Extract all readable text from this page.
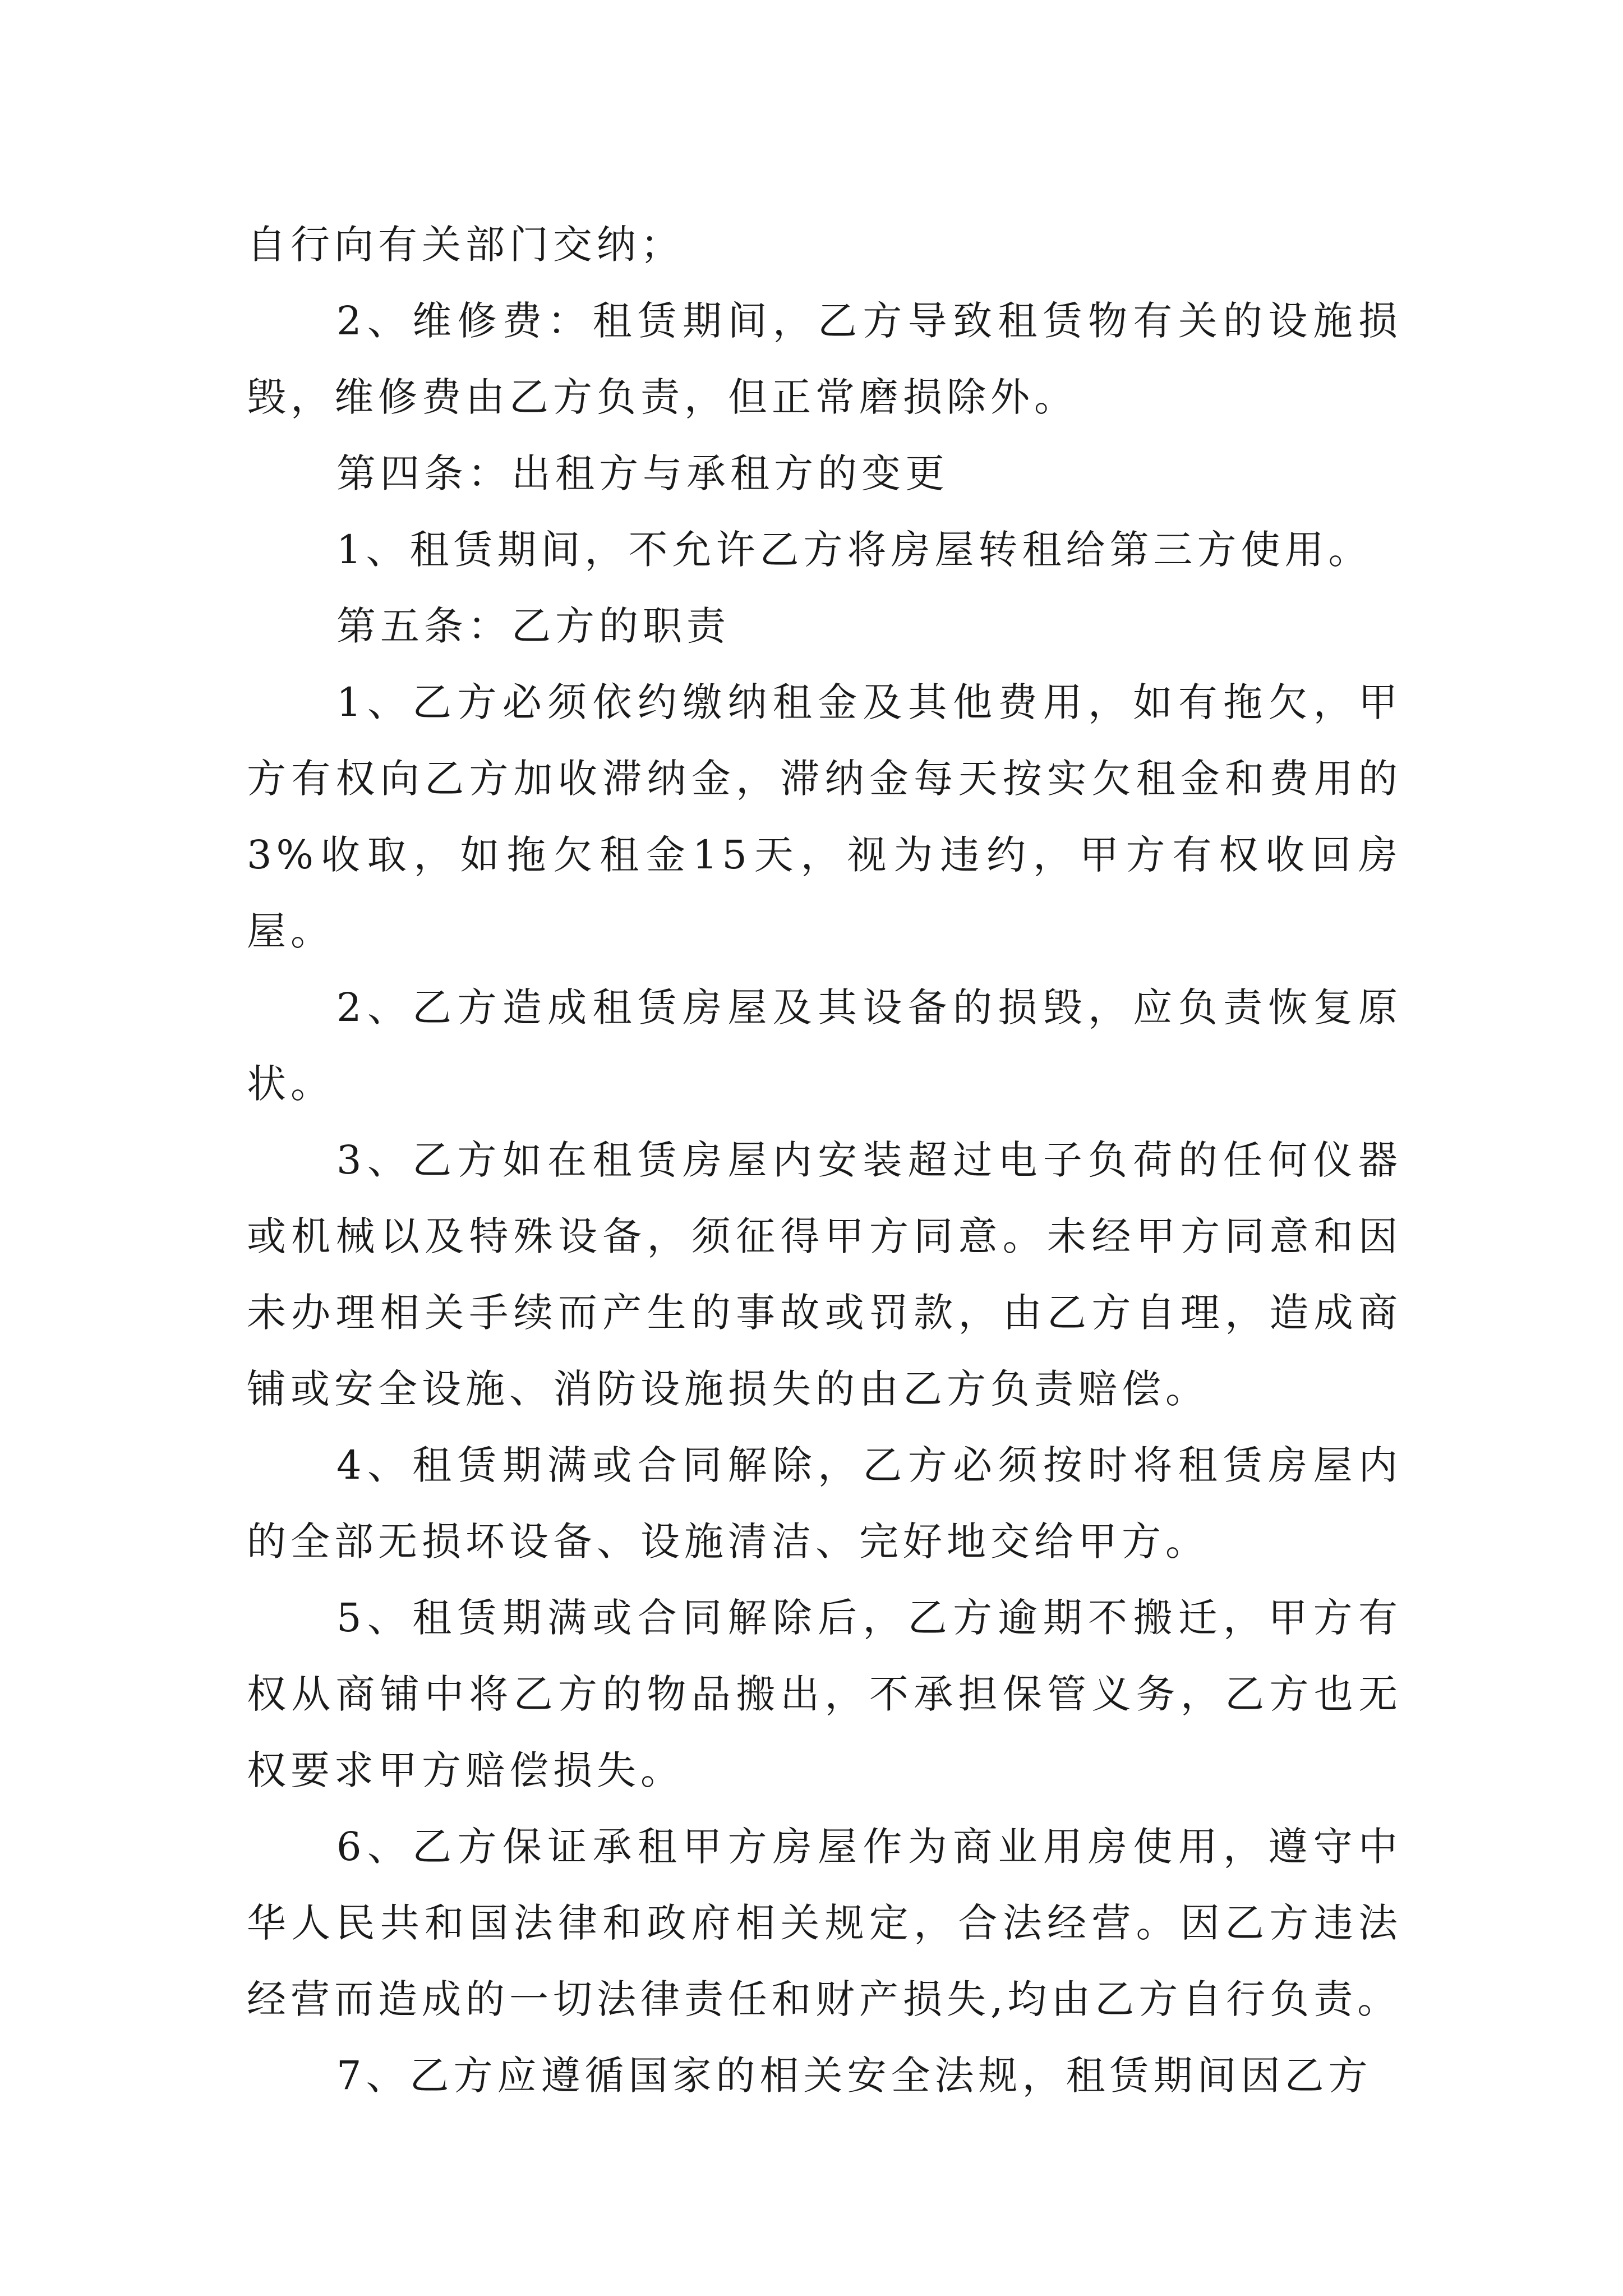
自行向有关部门交纳；

2、维修费：租赁期间，乙方导致租赁物有关的设施损毁，维修费由乙方负责，但正常磨损除外。

第四条：出租方与承租方的变更

1、租赁期间，不允许乙方将房屋转租给第三方使用。

第五条：乙方的职责

1、乙方必须依约缴纳租金及其他费用，如有拖欠，甲方有权向乙方加收滞纳金，滞纳金每天按实欠租金和费用的3%收取，如拖欠租金15天，视为违约，甲方有权收回房屋。

2、乙方造成租赁房屋及其设备的损毁，应负责恢复原状。

3、乙方如在租赁房屋内安装超过电子负荷的任何仪器或机械以及特殊设备，须征得甲方同意。未经甲方同意和因未办理相关手续而产生的事故或罚款，由乙方自理，造成商铺或安全设施、消防设施损失的由乙方负责赔偿。

4、租赁期满或合同解除，乙方必须按时将租赁房屋内的全部无损坏设备、设施清洁、完好地交给甲方。

5、租赁期满或合同解除后，乙方逾期不搬迁，甲方有权从商铺中将乙方的物品搬出，不承担保管义务，乙方也无权要求甲方赔偿损失。

6、乙方保证承租甲方房屋作为商业用房使用，遵守中华人民共和国法律和政府相关规定，合法经营。因乙方违法经营而造成的一切法律责任和财产损失,均由乙方自行负责。

7、乙方应遵循国家的相关安全法规，租赁期间因乙方
